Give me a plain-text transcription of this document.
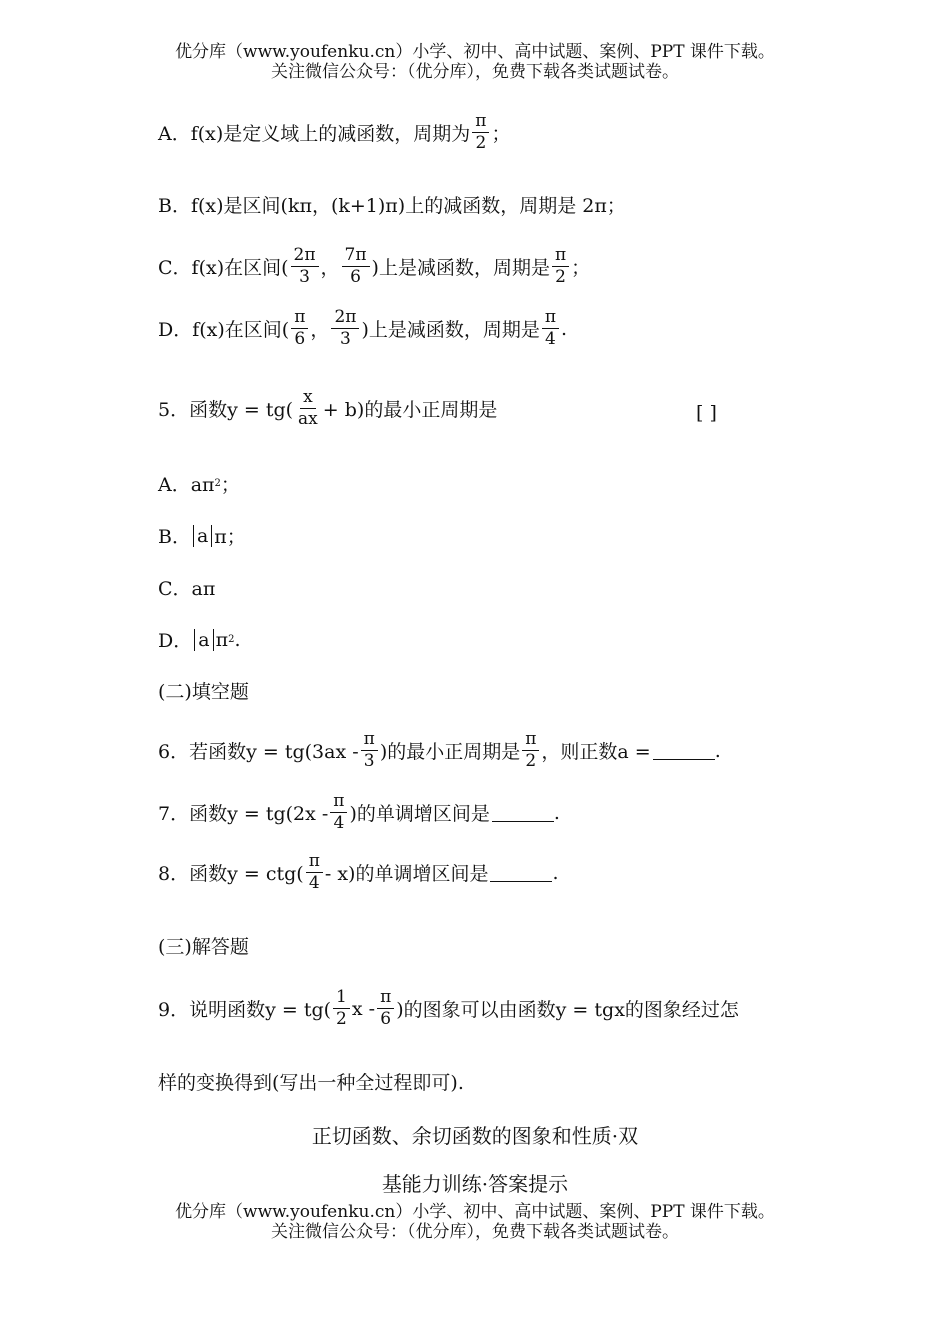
优分库（www.youfenku.cn）小学、初中、高中试题、案例、PPT 课件下载。
关注微信公众号：（优分库），免费下载各类试题试卷。
A．f(x)是定义域上的减函数，周期为 $\frac{\pi}{2}$ ；
B．f(x)是区间(kπ，(k+1)π)上的减函数，周期是 2π；
C．f(x)在区间( $\frac{2\pi}{3}$ ， $\frac{7\pi}{6}$ )上是减函数，周期是 $\frac{\pi}{2}$ ；
D．f(x)在区间( $\frac{\pi}{6}$ ， $\frac{2\pi}{3}$ )上是减函数，周期是 $\frac{\pi}{4}$ .
5．函数$y = tg( \frac{x}{ax} + b)$的最小正周期是	[ ]
A．aπ 2 ；
B． a π；
C．aπ
D． a π 2 .
(二)填空题
6．若函数$y = tg(3ax - \frac{\pi}{3}$ )的最小正周期是 $\frac{\pi}{2}$ ，则正数a =	.
7．函数$y = tg(2x - \frac{\pi}{4}$ )的单调增区间是	.
8．函数$y = ctg( \frac{\pi}{4} - x)$的单调增区间是	.
(三)解答题
9．说明函数$y = tg( \frac{1}{2}$ x - $\frac{\pi}{6}$ )的图象可以由函数y = tgx的图象经过怎
样的变换得到(写出一种全过程即可).
正切函数、余切函数的图象和性质·双
基能力训练·答案提示
优分库（www.youfenku.cn）小学、初中、高中试题、案例、PPT 课件下载。
关注微信公众号：（优分库），免费下载各类试题试卷。
